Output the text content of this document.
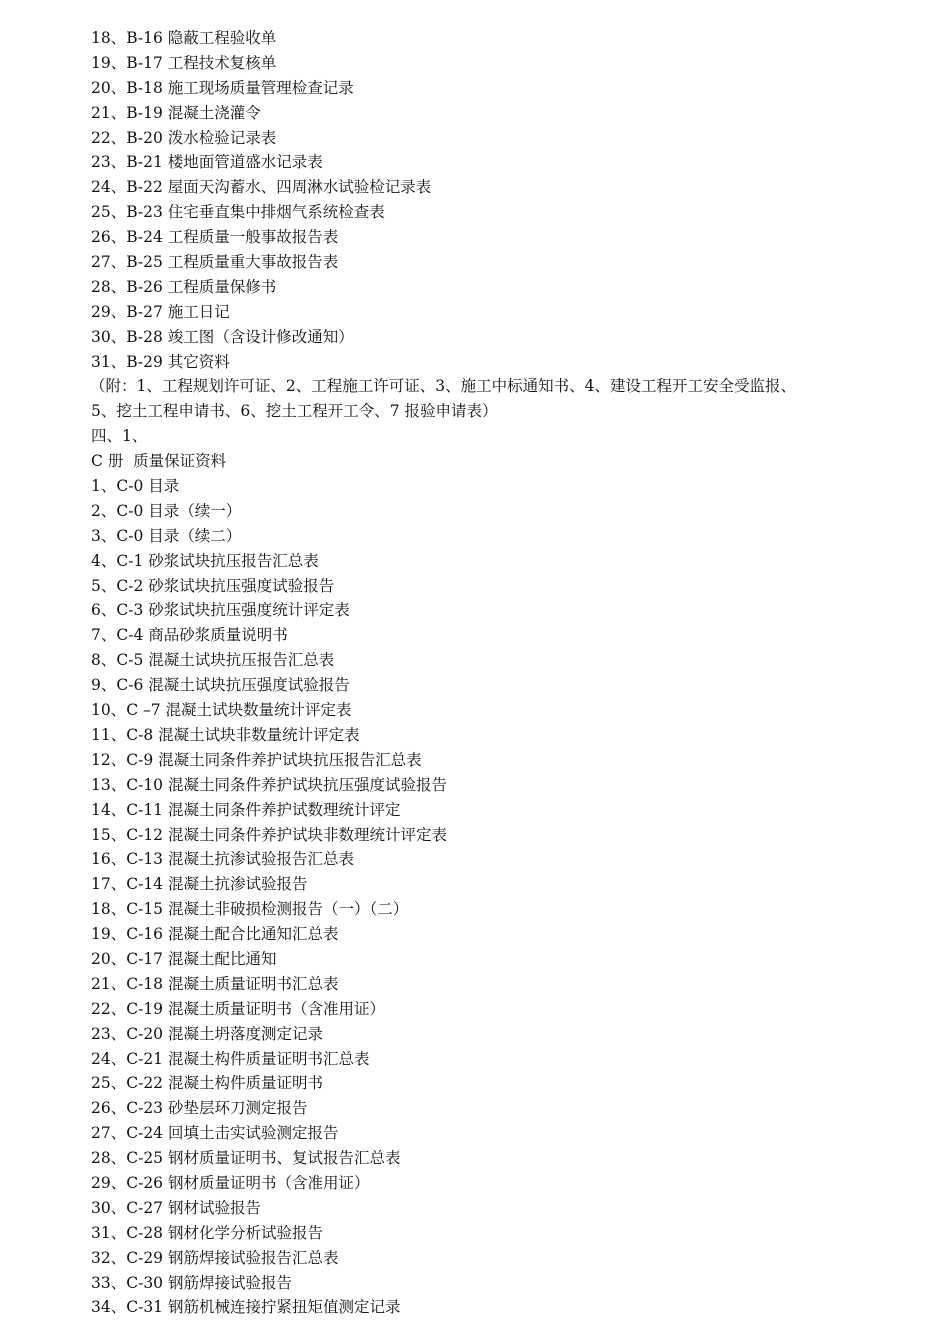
18、B-16 隐蔽工程验收单
19、B-17 工程技术复核单
20、B-18 施工现场质量管理检查记录
21、B-19 混凝土浇灌令
22、B-20 泼水检验记录表
23、B-21 楼地面管道盛水记录表
24、B-22 屋面天沟蓄水、四周淋水试验检记录表
25、B-23 住宅垂直集中排烟气系统检查表
26、B-24 工程质量一般事故报告表
27、B-25 工程质量重大事故报告表
28、B-26 工程质量保修书
29、B-27 施工日记
30、B-28 竣工图（含设计修改通知）
31、B-29 其它资料
（附：1、工程规划许可证、2、工程施工许可证、3、施工中标通知书、4、建设工程开工安全受监报、
5、挖土工程申请书、6、挖土工程开工令、7 报验申请表）
四、1、
C 册  质量保证资料
1、C-0 目录
2、C-0 目录（续一）
3、C-0 目录（续二）
4、C-1 砂浆试块抗压报告汇总表
5、C-2 砂浆试块抗压强度试验报告
6、C-3 砂浆试块抗压强度统计评定表
7、C-4 商品砂浆质量说明书
8、C-5 混凝土试块抗压报告汇总表
9、C-6 混凝土试块抗压强度试验报告
10、C –7 混凝土试块数量统计评定表
11、C-8 混凝土试块非数量统计评定表
12、C-9 混凝土同条件养护试块抗压报告汇总表
13、C-10 混凝土同条件养护试块抗压强度试验报告
14、C-11 混凝土同条件养护试数理统计评定
15、C-12 混凝土同条件养护试块非数理统计评定表
16、C-13 混凝土抗渗试验报告汇总表
17、C-14 混凝土抗渗试验报告
18、C-15 混凝土非破损检测报告（一）（二）
19、C-16 混凝土配合比通知汇总表
20、C-17 混凝土配比通知
21、C-18 混凝土质量证明书汇总表
22、C-19 混凝土质量证明书（含准用证）
23、C-20 混凝土坍落度测定记录
24、C-21 混凝土构件质量证明书汇总表
25、C-22 混凝土构件质量证明书
26、C-23 砂垫层环刀测定报告
27、C-24 回填土击实试验测定报告
28、C-25 钢材质量证明书、复试报告汇总表
29、C-26 钢材质量证明书（含准用证）
30、C-27 钢材试验报告
31、C-28 钢材化学分析试验报告
32、C-29 钢筋焊接试验报告汇总表
33、C-30 钢筋焊接试验报告
34、C-31 钢筋机械连接拧紧扭矩值测定记录
